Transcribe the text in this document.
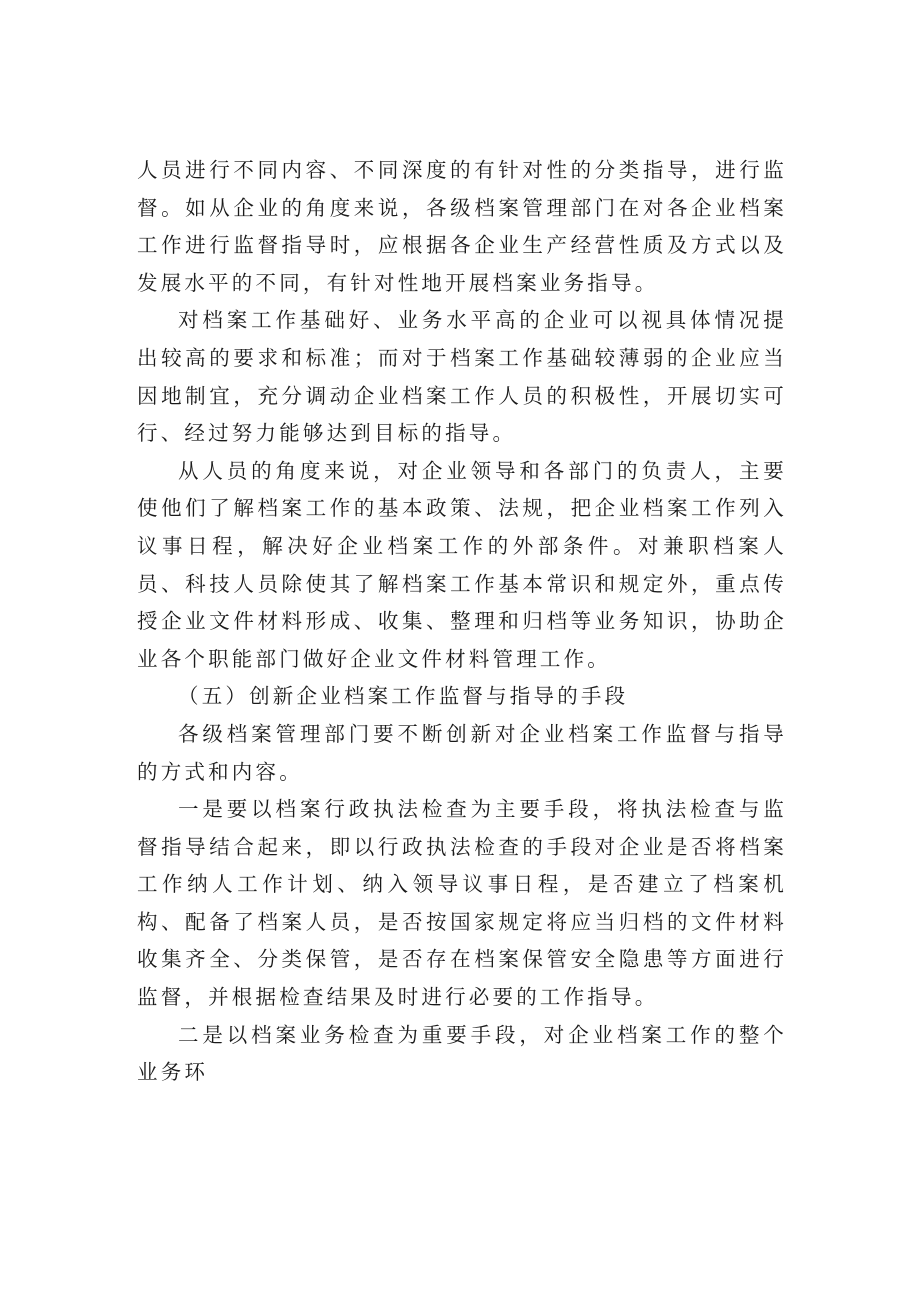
人员进行不同内容、不同深度的有针对性的分类指导，进行监督。如从企业的角度来说，各级档案管理部门在对各企业档案工作进行监督指导时，应根据各企业生产经营性质及方式以及发展水平的不同，有针对性地开展档案业务指导。

对档案工作基础好、业务水平高的企业可以视具体情况提出较高的要求和标准；而对于档案工作基础较薄弱的企业应当因地制宜，充分调动企业档案工作人员的积极性，开展切实可行、经过努力能够达到目标的指导。

从人员的角度来说，对企业领导和各部门的负责人，主要使他们了解档案工作的基本政策、法规，把企业档案工作列入议事日程，解决好企业档案工作的外部条件。对兼职档案人员、科技人员除使其了解档案工作基本常识和规定外，重点传授企业文件材料形成、收集、整理和归档等业务知识，协助企业各个职能部门做好企业文件材料管理工作。

（五）创新企业档案工作监督与指导的手段

各级档案管理部门要不断创新对企业档案工作监督与指导的方式和内容。

一是要以档案行政执法检查为主要手段，将执法检查与监督指导结合起来，即以行政执法检查的手段对企业是否将档案工作纳人工作计划、纳入领导议事日程，是否建立了档案机构、配备了档案人员，是否按国家规定将应当归档的文件材料收集齐全、分类保管，是否存在档案保管安全隐患等方面进行监督，并根据检查结果及时进行必要的工作指导。

二是以档案业务检查为重要手段，对企业档案工作的整个业务环
